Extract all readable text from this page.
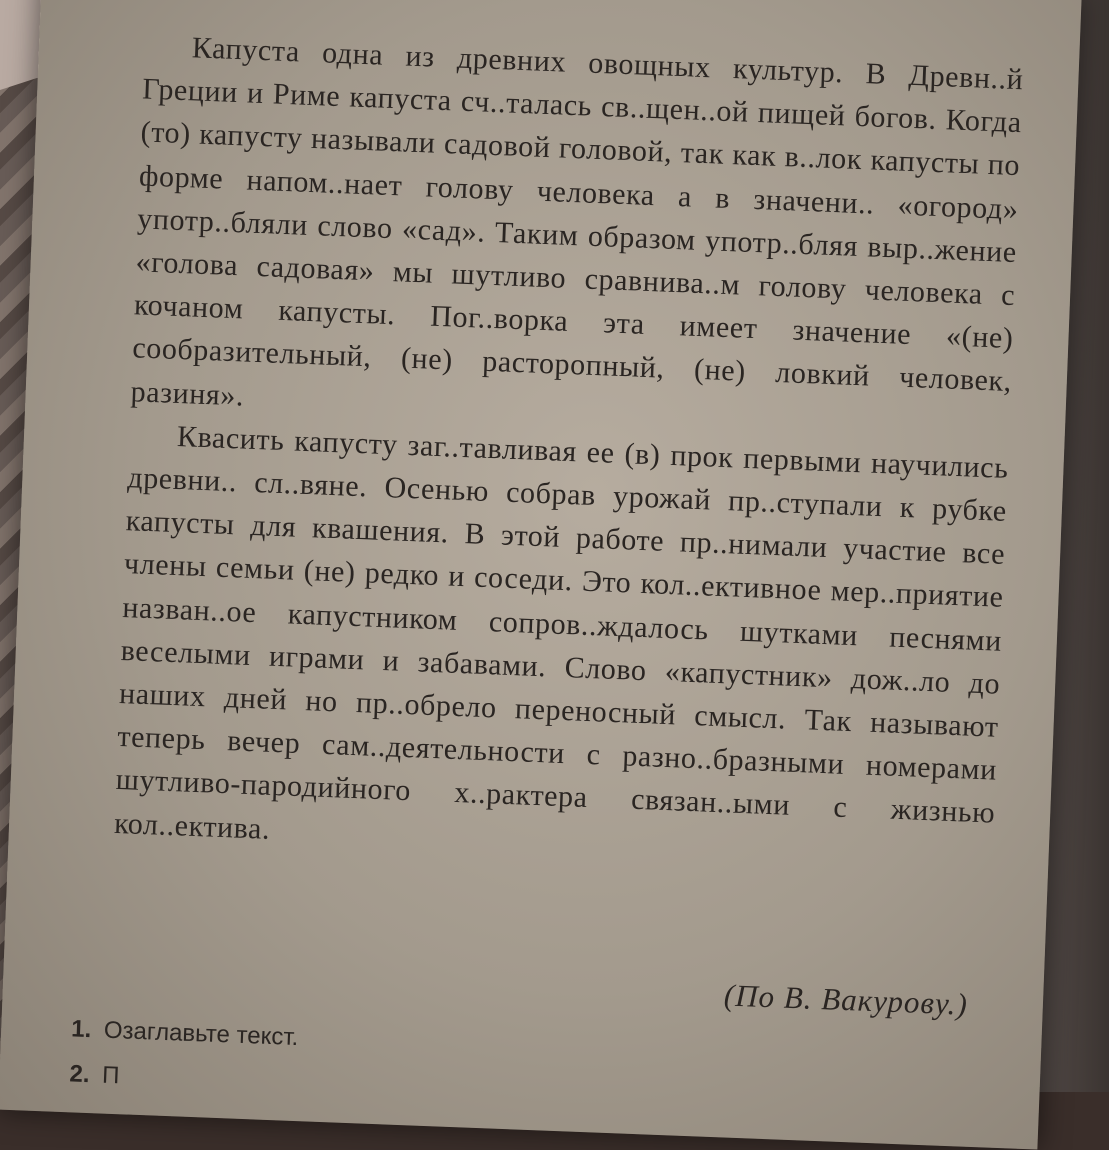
Капуста одна из древних овощных культур. В Древн..й Греции и Риме капуста сч..талась св..щен..ой пищей богов. Когда (то) капусту называли садовой головой, так как в..лок капусты по форме напом..нает голову человека а в значени.. «огород» употр..бляли слово «сад». Таким образом употр..бляя выр..жение «голова садовая» мы шутливо сравнива..м голову человека с кочаном капусты. Пог..ворка эта имеет значение «(не) сообразительный, (не) расторопный, (не) ловкий человек, разиня».

Квасить капусту заг..тавливая ее (в) прок первыми научились древни.. сл..вяне. Осенью собрав урожай пр..ступали к рубке капусты для квашения. В этой работе пр..нимали участие все члены семьи (не) редко и соседи. Это кол..ективное мер..приятие назван..ое капустником сопров..ждалось шутками песнями веселыми играми и забавами. Слово «капустник» дож..ло до наших дней но пр..обрело переносный смысл. Так называют теперь вечер сам..деятельности с разно..бразными номерами шутливо-пародийного х..рактера связан..ыми с жизнью кол..ектива.

(По В. Вакурову.)
1. Озаглавьте текст.
2. П
